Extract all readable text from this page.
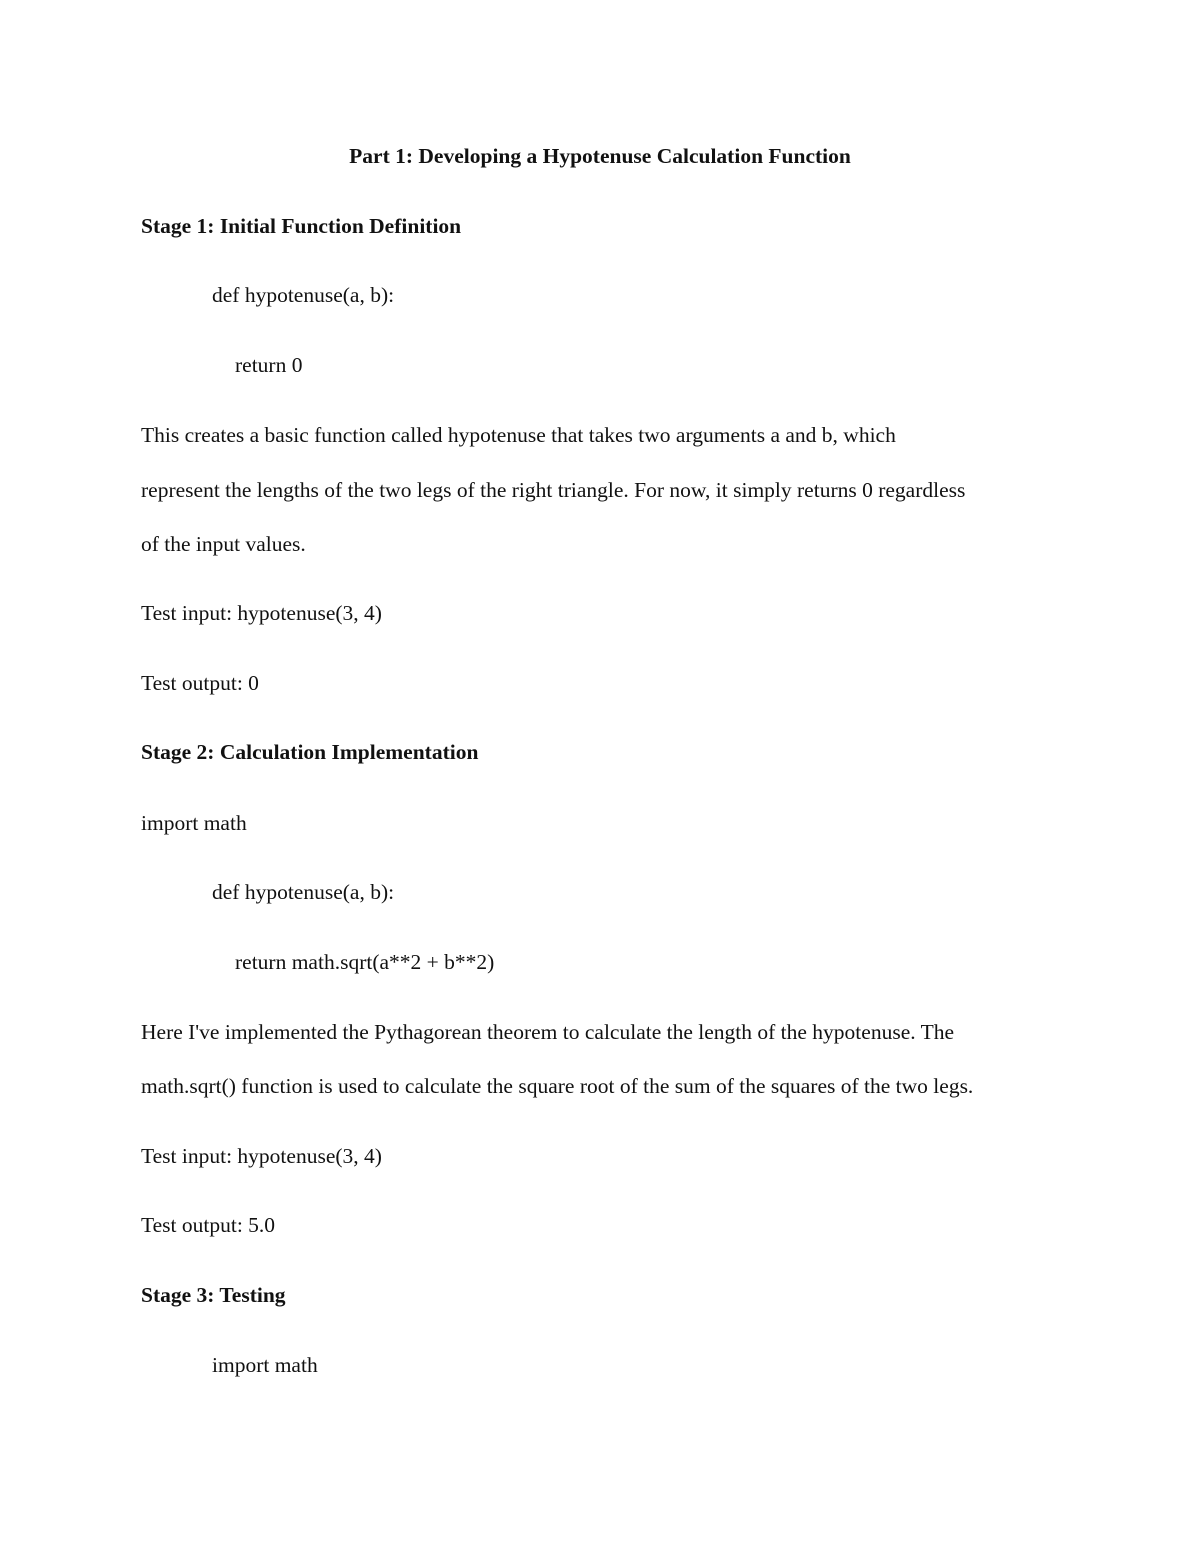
Part 1: Developing a Hypotenuse Calculation Function
Stage 1: Initial Function Definition
def hypotenuse(a, b):
return 0
This creates a basic function called hypotenuse that takes two arguments a and b, which
represent the lengths of the two legs of the right triangle. For now, it simply returns 0 regardless
of the input values.
Test input: hypotenuse(3, 4)
Test output: 0
Stage 2: Calculation Implementation
import math
def hypotenuse(a, b):
return math.sqrt(a**2 + b**2)
Here I've implemented the Pythagorean theorem to calculate the length of the hypotenuse. The
math.sqrt() function is used to calculate the square root of the sum of the squares of the two legs.
Test input: hypotenuse(3, 4)
Test output: 5.0
Stage 3: Testing
import math
